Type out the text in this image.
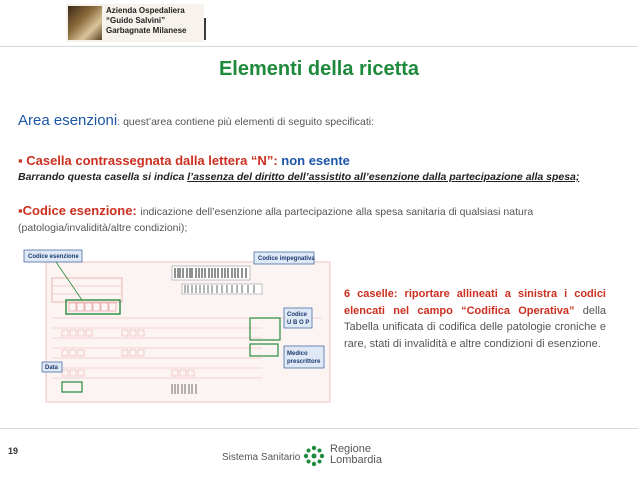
Azienda Ospedaliera
“Guido Salvini”
Garbagnate Milanese
Elementi della ricetta
Area esenzioni: quest’area contiene più elementi di seguito specificati:
▪ Casella contrassegnata dalla lettera “N”: non esente
Barrando questa casella si indica l’assenza del diritto dell’assistito all’esenzione dalla partecipazione alla spesa;
▪Codice esenzione: indicazione dell’esenzione alla partecipazione alla spesa sanitaria di qualsiasi natura (patologia/invalidità/altre condizioni);
Codice esenzione	Codice impegnativa
Codice
U B O P
Medico
prescrittore
Data
6 caselle: riportare allineati a sinistra i codici elencati nel campo “Codifica Operativa” della Tabella unificata di codifica delle patologie croniche e rare, stati di invalidità e altre condizioni di esenzione.
19
Sistema Sanitario
Regione
Lombardia
